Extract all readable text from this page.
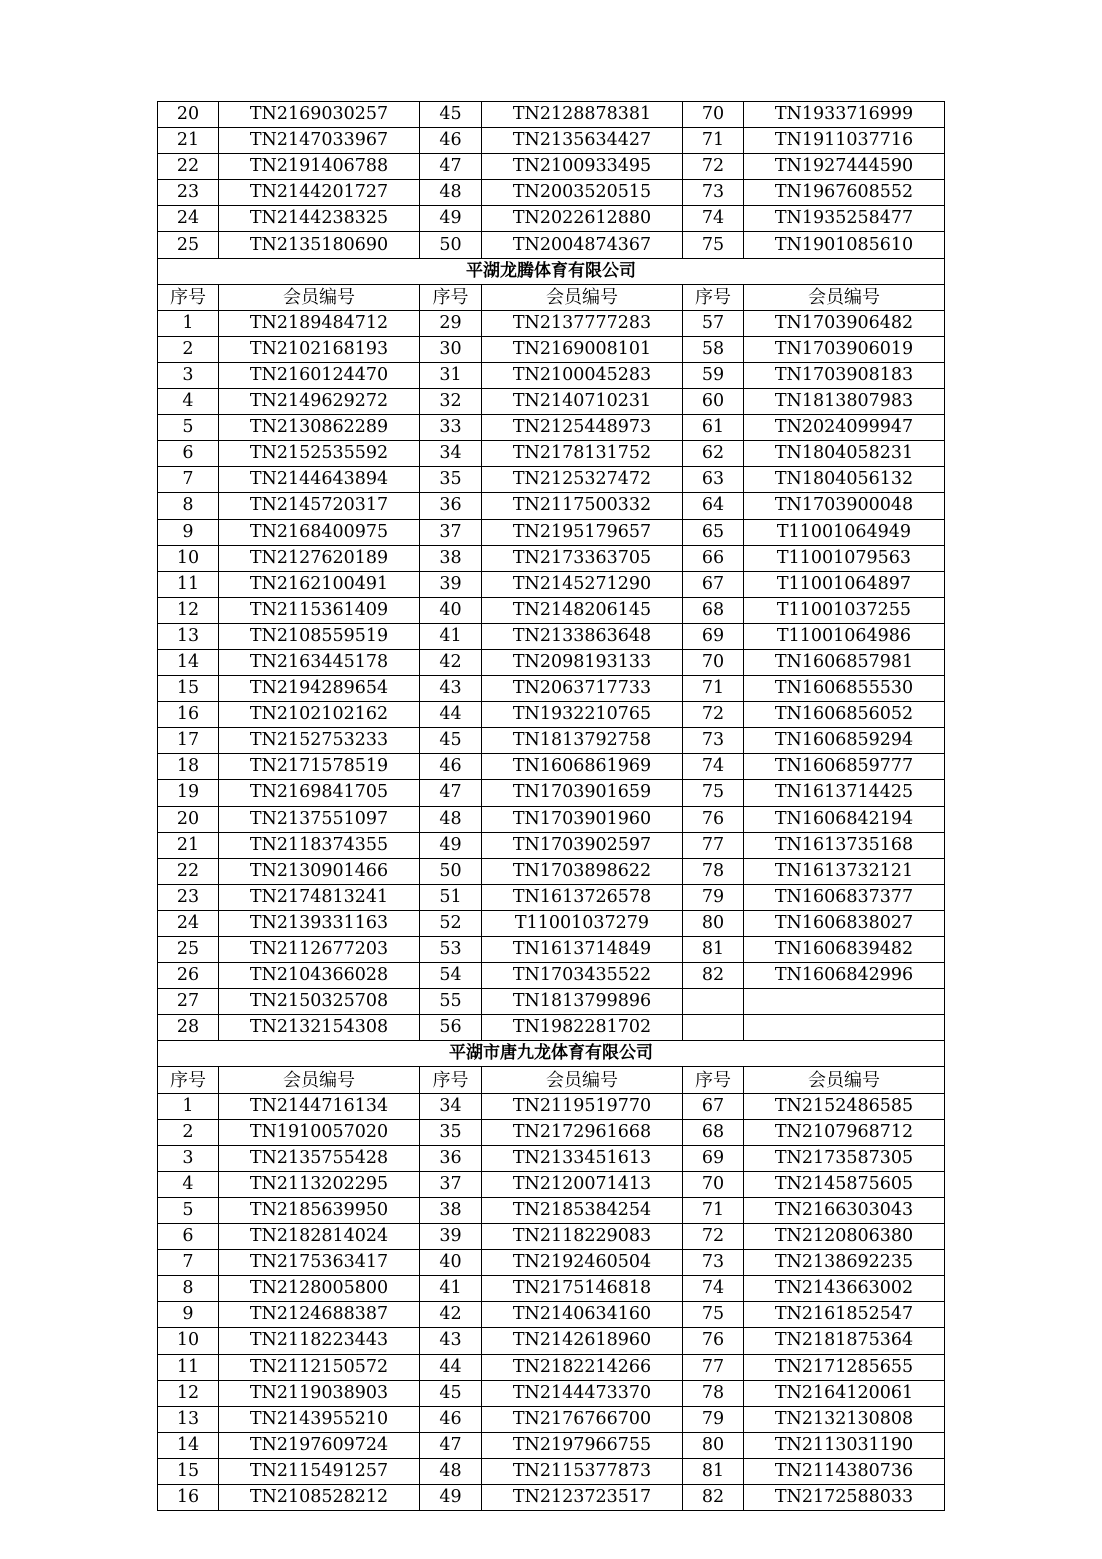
20	TN2169030257	45	TN2128878381	70	TN1933716999
21	TN2147033967	46	TN2135634427	71	TN1911037716
22	TN2191406788	47	TN2100933495	72	TN1927444590
23	TN2144201727	48	TN2003520515	73	TN1967608552
24	TN2144238325	49	TN2022612880	74	TN1935258477
25	TN2135180690	50	TN2004874367	75	TN1901085610
平湖龙腾体育有限公司					
序号	会员编号	序号	会员编号	序号	会员编号
1	TN2189484712	29	TN2137777283	57	TN1703906482
2	TN2102168193	30	TN2169008101	58	TN1703906019
3	TN2160124470	31	TN2100045283	59	TN1703908183
4	TN2149629272	32	TN2140710231	60	TN1813807983
5	TN2130862289	33	TN2125448973	61	TN2024099947
6	TN2152535592	34	TN2178131752	62	TN1804058231
7	TN2144643894	35	TN2125327472	63	TN1804056132
8	TN2145720317	36	TN2117500332	64	TN1703900048
9	TN2168400975	37	TN2195179657	65	T11001064949
10	TN2127620189	38	TN2173363705	66	T11001079563
11	TN2162100491	39	TN2145271290	67	T11001064897
12	TN2115361409	40	TN2148206145	68	T11001037255
13	TN2108559519	41	TN2133863648	69	T11001064986
14	TN2163445178	42	TN2098193133	70	TN1606857981
15	TN2194289654	43	TN2063717733	71	TN1606855530
16	TN2102102162	44	TN1932210765	72	TN1606856052
17	TN2152753233	45	TN1813792758	73	TN1606859294
18	TN2171578519	46	TN1606861969	74	TN1606859777
19	TN2169841705	47	TN1703901659	75	TN1613714425
20	TN2137551097	48	TN1703901960	76	TN1606842194
21	TN2118374355	49	TN1703902597	77	TN1613735168
22	TN2130901466	50	TN1703898622	78	TN1613732121
23	TN2174813241	51	TN1613726578	79	TN1606837377
24	TN2139331163	52	T11001037279	80	TN1606838027
25	TN2112677203	53	TN1613714849	81	TN1606839482
26	TN2104366028	54	TN1703435522	82	TN1606842996
27	TN2150325708	55	TN1813799896		
28	TN2132154308	56	TN1982281702		
平湖市唐九龙体育有限公司					
序号	会员编号	序号	会员编号	序号	会员编号
1	TN2144716134	34	TN2119519770	67	TN2152486585
2	TN1910057020	35	TN2172961668	68	TN2107968712
3	TN2135755428	36	TN2133451613	69	TN2173587305
4	TN2113202295	37	TN2120071413	70	TN2145875605
5	TN2185639950	38	TN2185384254	71	TN2166303043
6	TN2182814024	39	TN2118229083	72	TN2120806380
7	TN2175363417	40	TN2192460504	73	TN2138692235
8	TN2128005800	41	TN2175146818	74	TN2143663002
9	TN2124688387	42	TN2140634160	75	TN2161852547
10	TN2118223443	43	TN2142618960	76	TN2181875364
11	TN2112150572	44	TN2182214266	77	TN2171285655
12	TN2119038903	45	TN2144473370	78	TN2164120061
13	TN2143955210	46	TN2176766700	79	TN2132130808
14	TN2197609724	47	TN2197966755	80	TN2113031190
15	TN2115491257	48	TN2115377873	81	TN2114380736
16	TN2108528212	49	TN2123723517	82	TN2172588033
